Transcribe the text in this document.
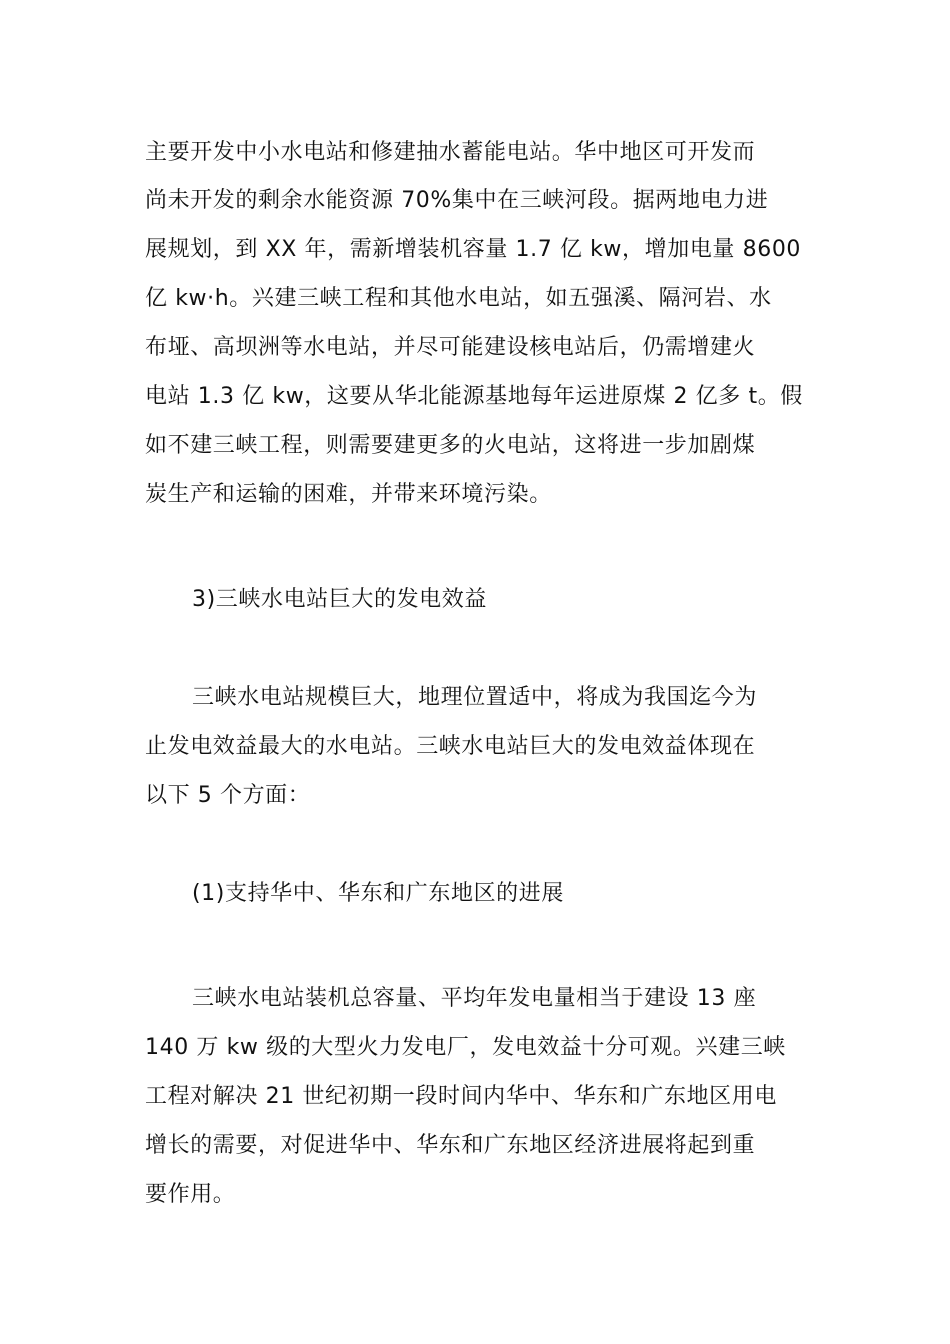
主要开发中小水电站和修建抽水蓄能电站。华中地区可开发而
尚未开发的剩余水能资源 70%集中在三峡河段。据两地电力进
展规划，到 XX 年，需新增装机容量 1.7 亿 kw，增加电量 8600
亿 kw·h。兴建三峡工程和其他水电站，如五强溪、隔河岩、水
布垭、高坝洲等水电站，并尽可能建设核电站后，仍需增建火
电站 1.3 亿 kw，这要从华北能源基地每年运进原煤 2 亿多 t。假
如不建三峡工程，则需要建更多的火电站，这将进一步加剧煤
炭生产和运输的困难，并带来环境污染。
3)三峡水电站巨大的发电效益
三峡水电站规模巨大，地理位置适中，将成为我国迄今为
止发电效益最大的水电站。三峡水电站巨大的发电效益体现在
以下 5 个方面：
(1)支持华中、华东和广东地区的进展
三峡水电站装机总容量、平均年发电量相当于建设 13 座
140 万 kw 级的大型火力发电厂，发电效益十分可观。兴建三峡
工程对解决 21 世纪初期一段时间内华中、华东和广东地区用电
增长的需要，对促进华中、华东和广东地区经济进展将起到重
要作用。
